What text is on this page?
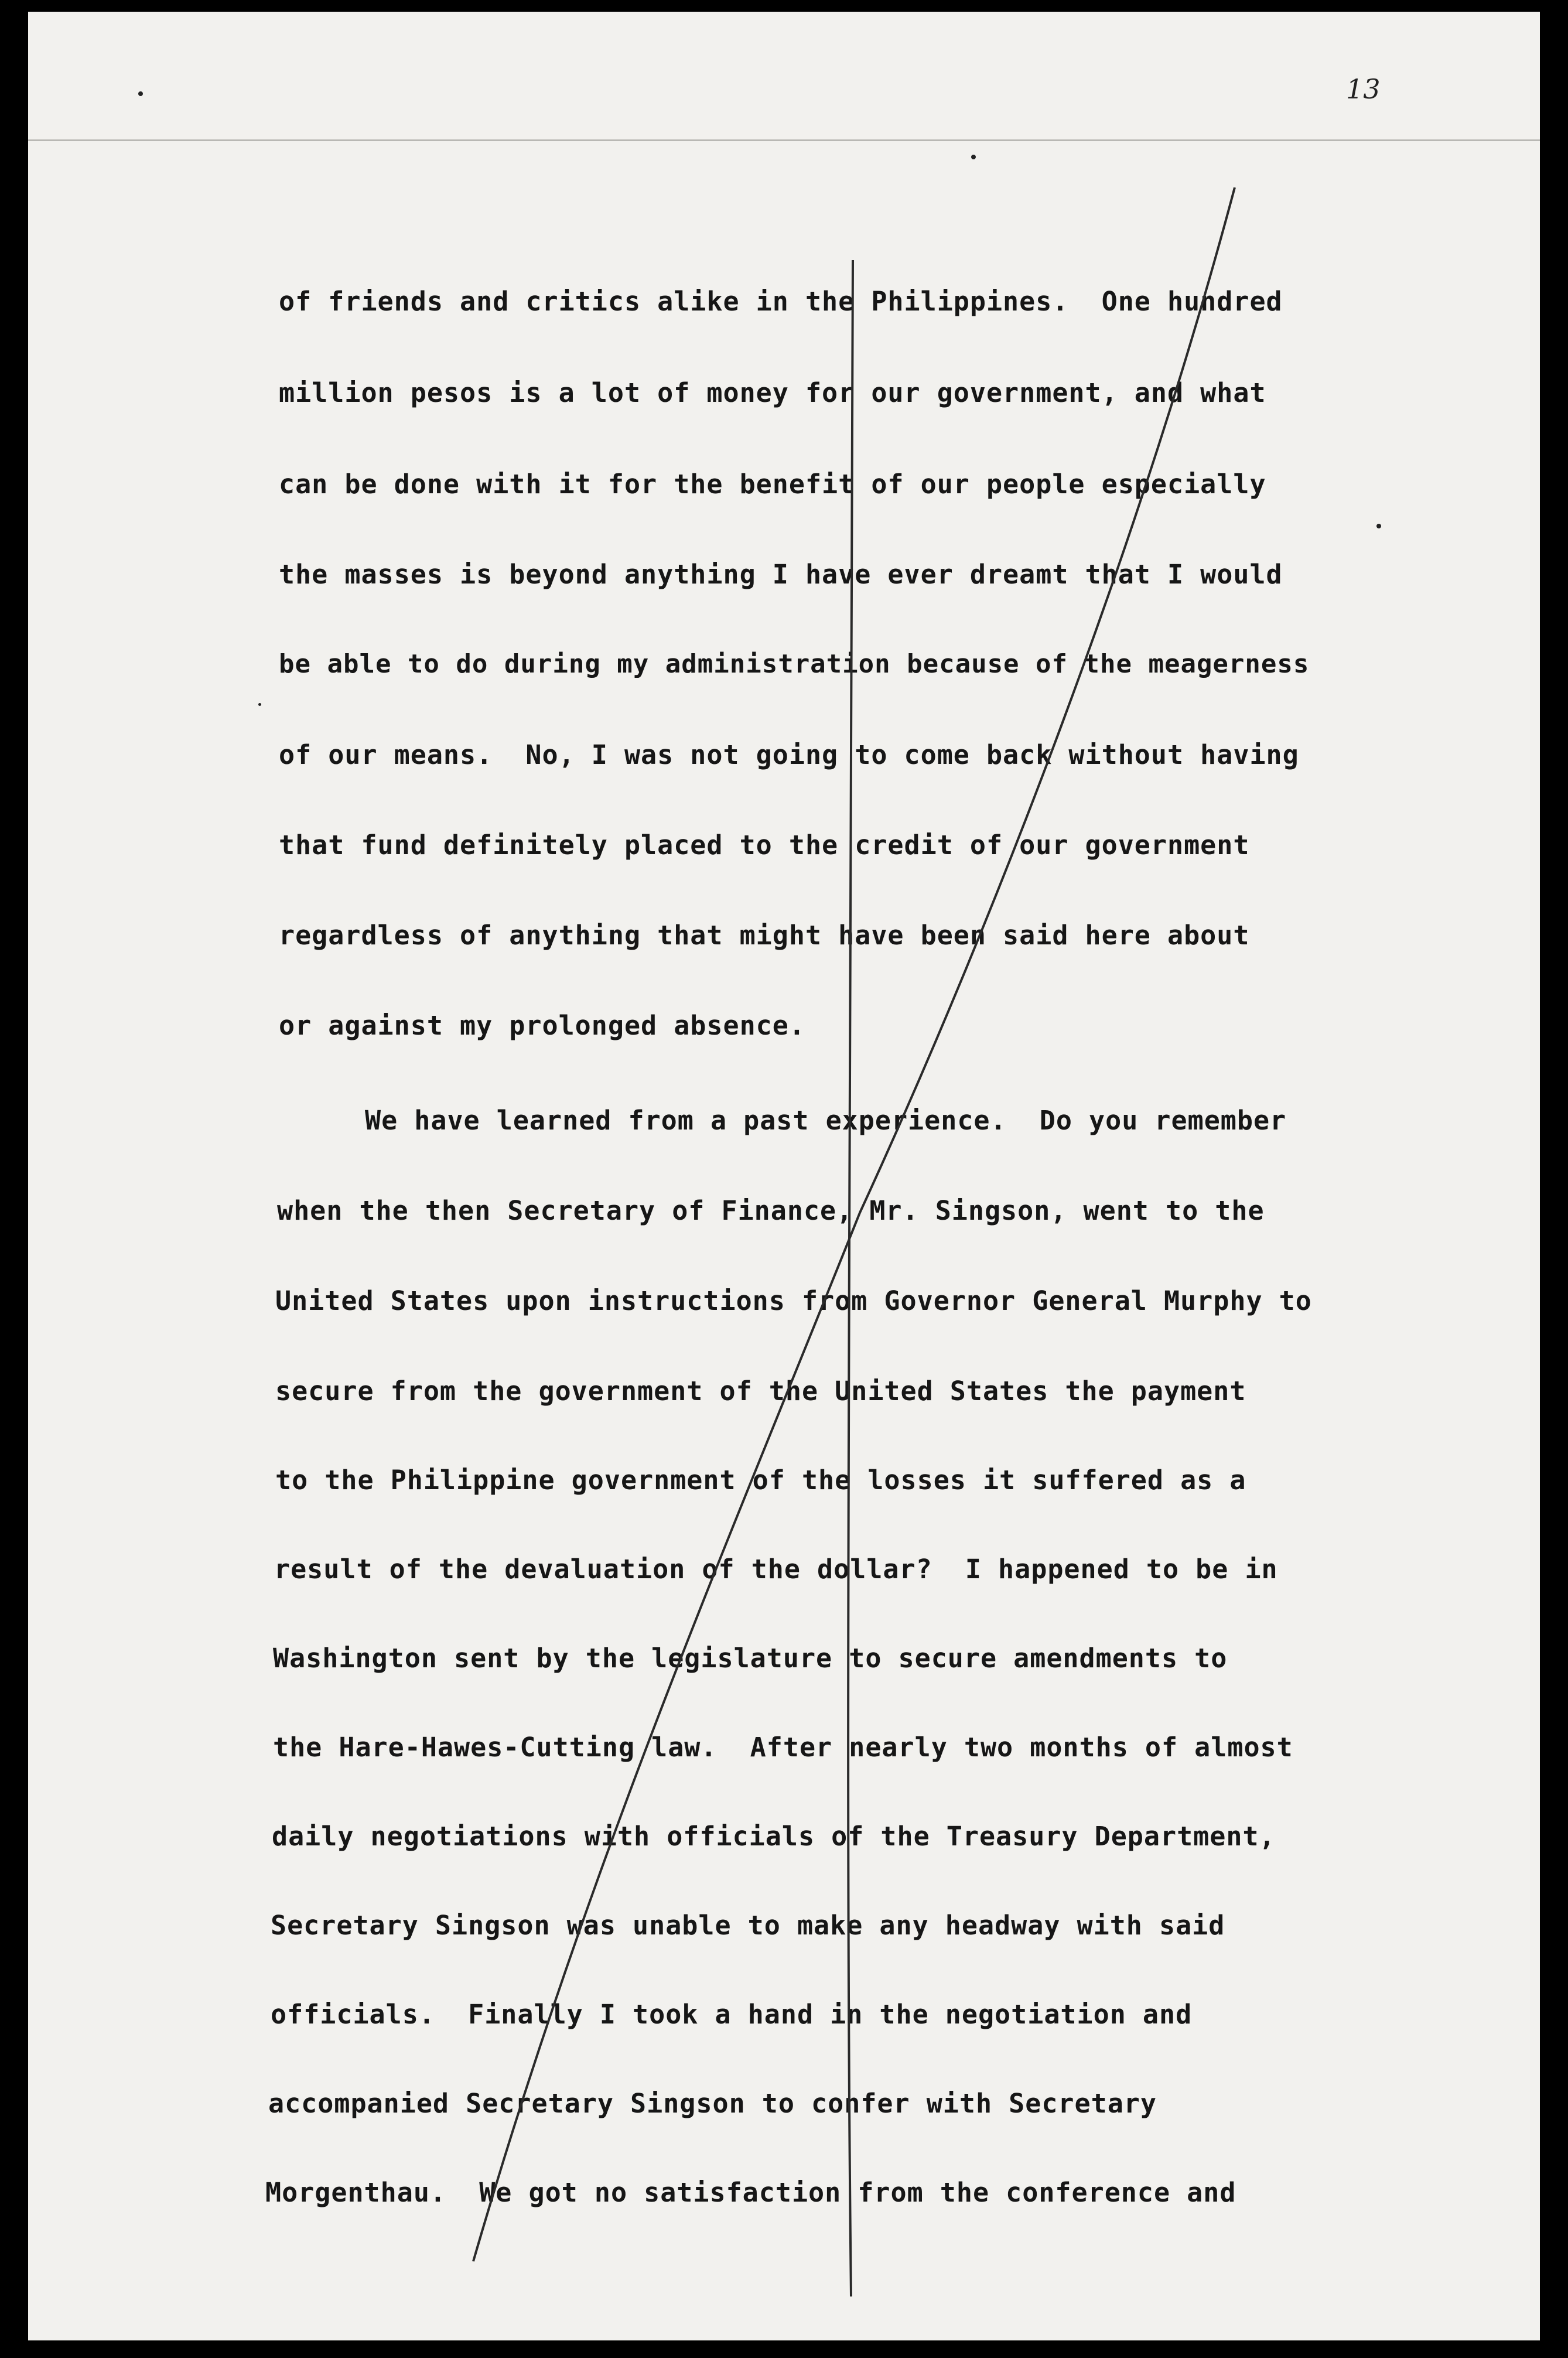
13
of friends and critics alike in the Philippines.  One hundred
million pesos is a lot of money for our government, and what
can be done with it for the benefit of our people especially
the masses is beyond anything I have ever dreamt that I would
be able to do during my administration because of the meagerness
of our means.  No, I was not going to come back without having
that fund definitely placed to the credit of our government
regardless of anything that might have been said here about
or against my prolonged absence.
We have learned from a past experience.  Do you remember
when the then Secretary of Finance, Mr. Singson, went to the
United States upon instructions from Governor General Murphy to
secure from the government of the United States the payment
to the Philippine government of the losses it suffered as a
result of the devaluation of the dollar?  I happened to be in
Washington sent by the legislature to secure amendments to
the Hare-Hawes-Cutting law.  After nearly two months of almost
daily negotiations with officials of the Treasury Department,
Secretary Singson was unable to make any headway with said
officials.  Finally I took a hand in the negotiation and
accompanied Secretary Singson to confer with Secretary
Morgenthau.  We got no satisfaction from the conference and
